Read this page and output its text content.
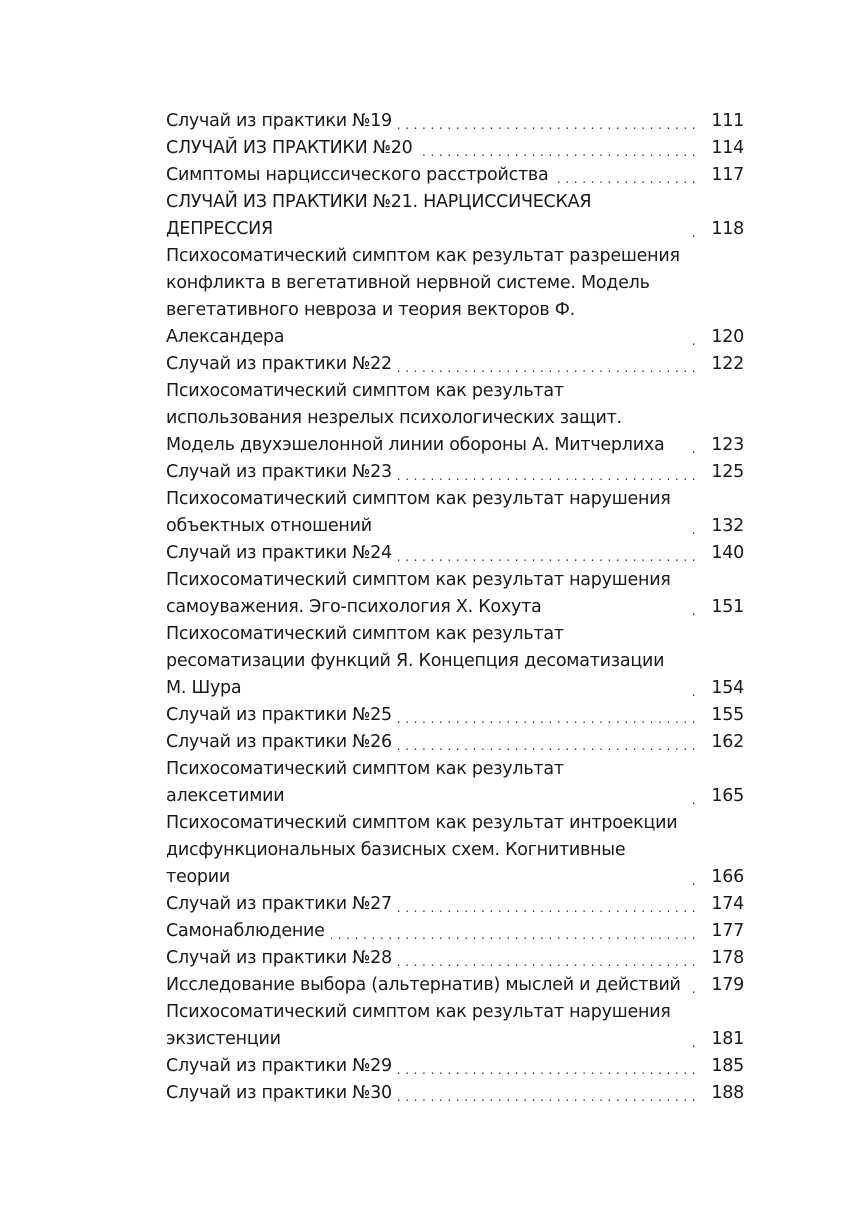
Случай из практики №19 . . .	111
СЛУЧАЙ ИЗ ПРАКТИКИ №20 . . .	114
Симптомы нарциссического расстройства . . .	117
СЛУЧАЙ ИЗ ПРАКТИКИ №21. НАРЦИССИЧЕСКАЯ ДЕПРЕССИЯ . . .	118
Психосоматический симптом как результат разрешения конфликта в вегетативной нервной системе. Модель вегетативного невроза и теория векторов Ф. Александера . . .	120
Случай из практики №22 . . .	122
Психосоматический симптом как результат использования незрелых психологических защит. Модель двухэшелонной линии обороны А. Митчерлиха . . .	123
Случай из практики №23 . . .	125
Психосоматический симптом как результат нарушения объектных отношений . . .	132
Случай из практики №24 . . .	140
Психосоматический симптом как результат нарушения самоуважения. Эго-психология Х. Кохута . . .	151
Психосоматический симптом как результат ресоматизации функций Я. Концепция десоматизации М. Шура . . .	154
Случай из практики №25 . . .	155
Случай из практики №26 . . .	162
Психосоматический симптом как результат алексетимии . . .	165
Психосоматический симптом как результат интроекции дисфункциональных базисных схем. Когнитивные теории . . .	166
Случай из практики №27 . . .	174
Самонаблюдение . . .	177
Случай из практики №28 . . .	178
Исследование выбора (альтернатив) мыслей и действий . . .	179
Психосоматический симптом как результат нарушения экзистенции . . .	181
Случай из практики №29 . . .	185
Случай из практики №30 . . .	188
